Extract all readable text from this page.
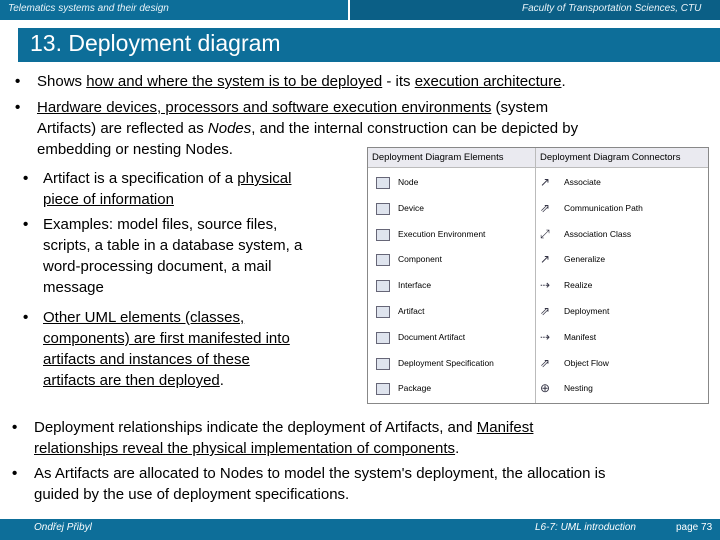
Telematics systems and their design	Faculty of Transportation Sciences, CTU
13. Deployment diagram
• Shows how and where the system is to be deployed - its execution architecture.
• Hardware devices, processors and software execution environments (system
Artifacts) are reflected as Nodes, and the internal construction can be depicted by
embedding or nesting Nodes.
• Artifact is a specification of a physical
piece of information
• Examples: model files, source files,
scripts, a table in a database system, a
word-processing document, a mail
message
• Other UML elements (classes,
components) are first manifested into
artifacts and instances of these
artifacts are then deployed.
Deployment Diagram Elements	Deployment Diagram Connectors
Node	↗ Associate
Device	⇗ Communication Path
Execution Environment	⤢ Association Class
Component	↗ Generalize
Interface	⇢ Realize
Artifact	⇗ Deployment
Document Artifact	⇢ Manifest
Deployment Specification	⇗ Object Flow
Package	⊕ Nesting
• Deployment relationships indicate the deployment of Artifacts, and Manifest
relationships reveal the physical implementation of components.
• As Artifacts are allocated to Nodes to model the system's deployment, the allocation is
guided by the use of deployment specifications.
Ondřej Přibyl	L6-7: UML introduction	page 73
